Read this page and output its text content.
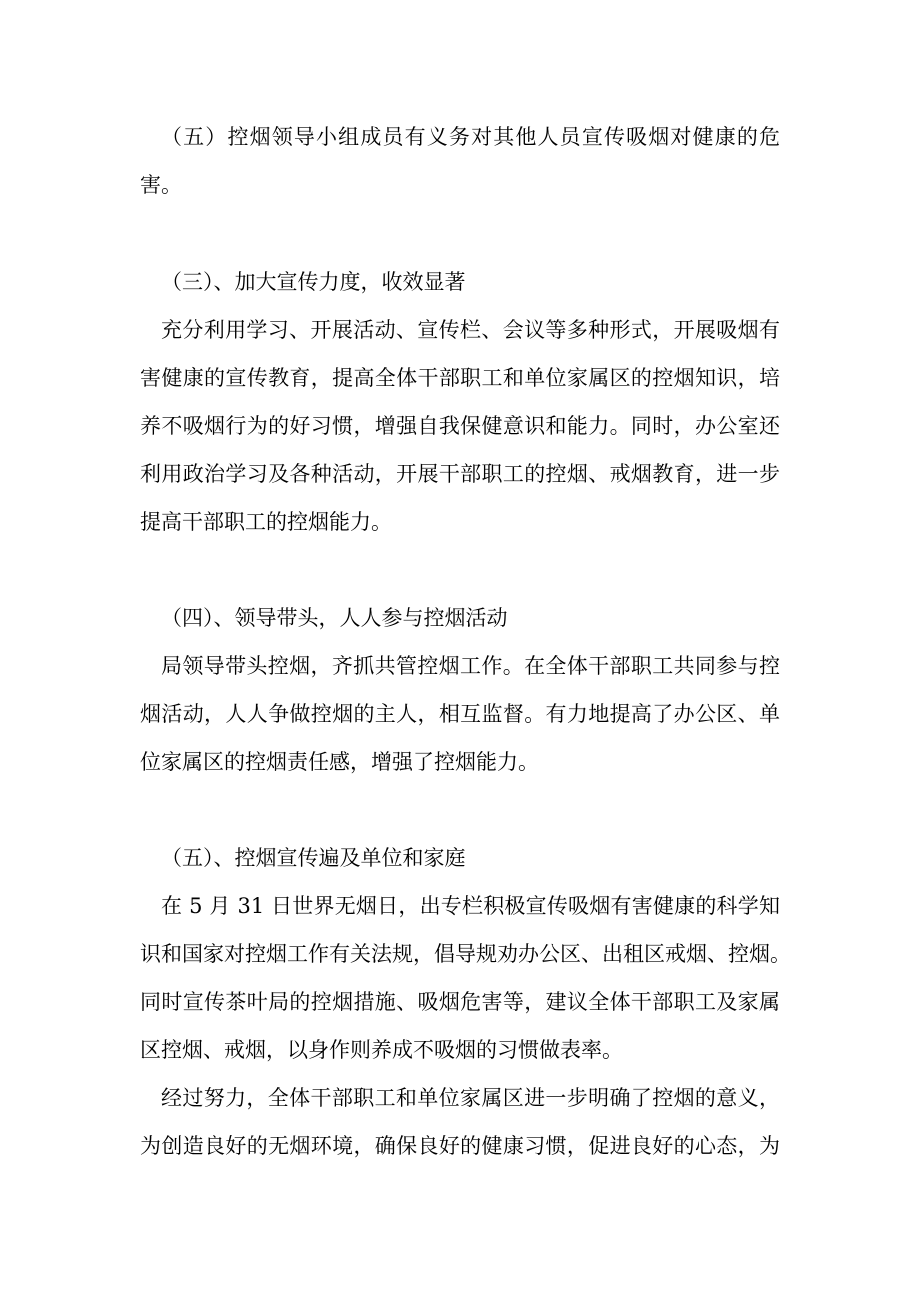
（五）控烟领导小组成员有义务对其他人员宣传吸烟对健康的危
害。
（三）、加大宣传力度，收效显著
充分利用学习、开展活动、宣传栏、会议等多种形式，开展吸烟有
害健康的宣传教育，提高全体干部职工和单位家属区的控烟知识，培
养不吸烟行为的好习惯，增强自我保健意识和能力。同时，办公室还
利用政治学习及各种活动，开展干部职工的控烟、戒烟教育，进一步
提高干部职工的控烟能力。
（四）、领导带头，人人参与控烟活动
局领导带头控烟，齐抓共管控烟工作。在全体干部职工共同参与控
烟活动，人人争做控烟的主人，相互监督。有力地提高了办公区、单
位家属区的控烟责任感，增强了控烟能力。
（五）、控烟宣传遍及单位和家庭
在 5 月 31 日世界无烟日，出专栏积极宣传吸烟有害健康的科学知
识和国家对控烟工作有关法规，倡导规劝办公区、出租区戒烟、控烟。
同时宣传茶叶局的控烟措施、吸烟危害等，建议全体干部职工及家属
区控烟、戒烟，以身作则养成不吸烟的习惯做表率。
经过努力，全体干部职工和单位家属区进一步明确了控烟的意义，
为创造良好的无烟环境，确保良好的健康习惯，促进良好的心态，为
